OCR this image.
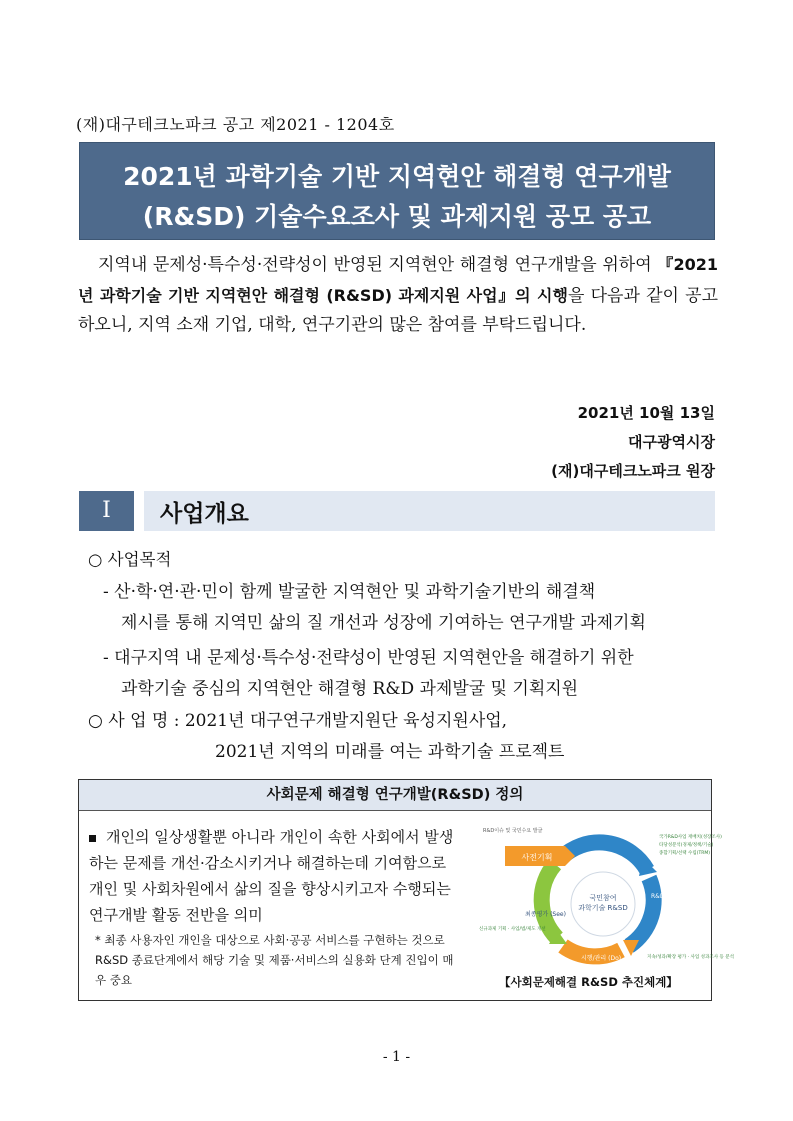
(재)대구테크노파크 공고 제2021 - 1204호
2021년 과학기술 기반 지역현안 해결형 연구개발
(R&SD) 기술수요조사 및 과제지원 공모 공고
지역내 문제성·특수성·전략성이 반영된 지역현안 해결형 연구개발을 위하여 『2021년 과학기술 기반 지역현안 해결형 (R&SD) 과제지원 사업』의 시행을 다음과 같이 공고하오니, 지역 소재 기업, 대학, 연구기관의 많은 참여를 부탁드립니다.
2021년 10월 13일
대구광역시장
(재)대구테크노파크 원장
Ⅰ	사업개요
○ 사업목적
- 산·학·연·관·민이 함께 발굴한 지역현안 및 과학기술기반의 해결책
제시를 통해 지역민 삶의 질 개선과 성장에 기여하는 연구개발 과제기획
- 대구지역 내 문제성·특수성·전략성이 반영된 지역현안을 해결하기 위한
과학기술 중심의 지역현안 해결형 R&D 과제발굴 및 기획지원
○ 사 업 명 : 2021년 대구연구개발지원단 육성지원사업,
2021년 지역의 미래를 여는 과학기술 프로젝트
사회문제 해결형 연구개발(R&SD) 정의
개인의 일상생활뿐 아니라 개인이 속한 사회에서 발생하는 문제를 개선·감소시키거나 해결하는데 기여함으로 개인 및 사회차원에서 삶의 질을 향상시키고자 수행되는 연구개발 활동 전반을 의미
* 최종 사용자인 개인을 대상으로 사회·공공 서비스를 구현하는 것으로 R&SD 종료단계에서 해당 기술 및 제품·서비스의 실용화 단계 진입이 매우 중요
사전기획
국민참여
과학기술 R&SD
R&D기획 (Plan)
시행/관리 (Do)
최종평가 (See)
R&D이슈 및 국민수요 발굴
국가R&D사업 재배치(성장조사)
타당성분석(경제/정책/기술)
종합기획/선택 수립(TRM)
지속/성과/확장 평가 · 사업 성과조사 등 분석
신규과제 기획 · 사업/법/제도 개선
【사회문제해결 R&SD 추진체계】
- 1 -
